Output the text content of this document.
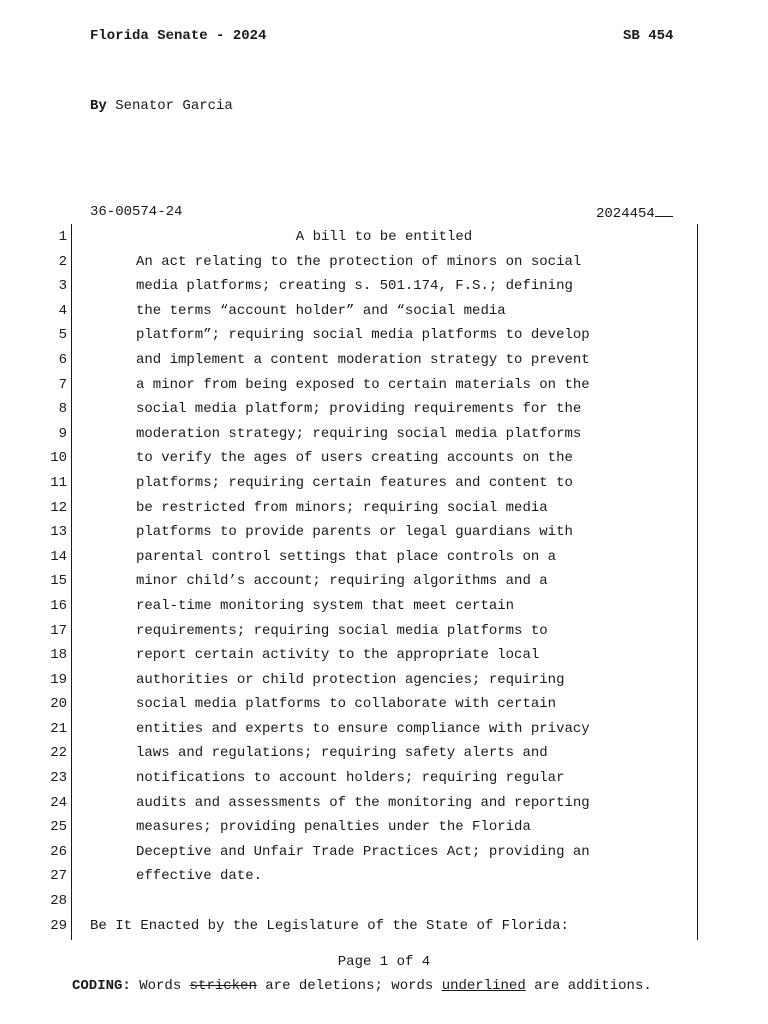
Florida Senate - 2024	SB 454
By Senator Garcia
36-00574-24	2024454
1	A bill to be entitled
2	An act relating to the protection of minors on social
3	media platforms; creating s. 501.174, F.S.; defining
4	the terms “account holder” and “social media
5	platform”; requiring social media platforms to develop
6	and implement a content moderation strategy to prevent
7	a minor from being exposed to certain materials on the
8	social media platform; providing requirements for the
9	moderation strategy; requiring social media platforms
10	to verify the ages of users creating accounts on the
11	platforms; requiring certain features and content to
12	be restricted from minors; requiring social media
13	platforms to provide parents or legal guardians with
14	parental control settings that place controls on a
15	minor child’s account; requiring algorithms and a
16	real-time monitoring system that meet certain
17	requirements; requiring social media platforms to
18	report certain activity to the appropriate local
19	authorities or child protection agencies; requiring
20	social media platforms to collaborate with certain
21	entities and experts to ensure compliance with privacy
22	laws and regulations; requiring safety alerts and
23	notifications to account holders; requiring regular
24	audits and assessments of the monitoring and reporting
25	measures; providing penalties under the Florida
26	Deceptive and Unfair Trade Practices Act; providing an
27	effective date.
28
29 Be It Enacted by the Legislature of the State of Florida:
Page 1 of 4
CODING: Words stricken are deletions; words underlined are additions.
